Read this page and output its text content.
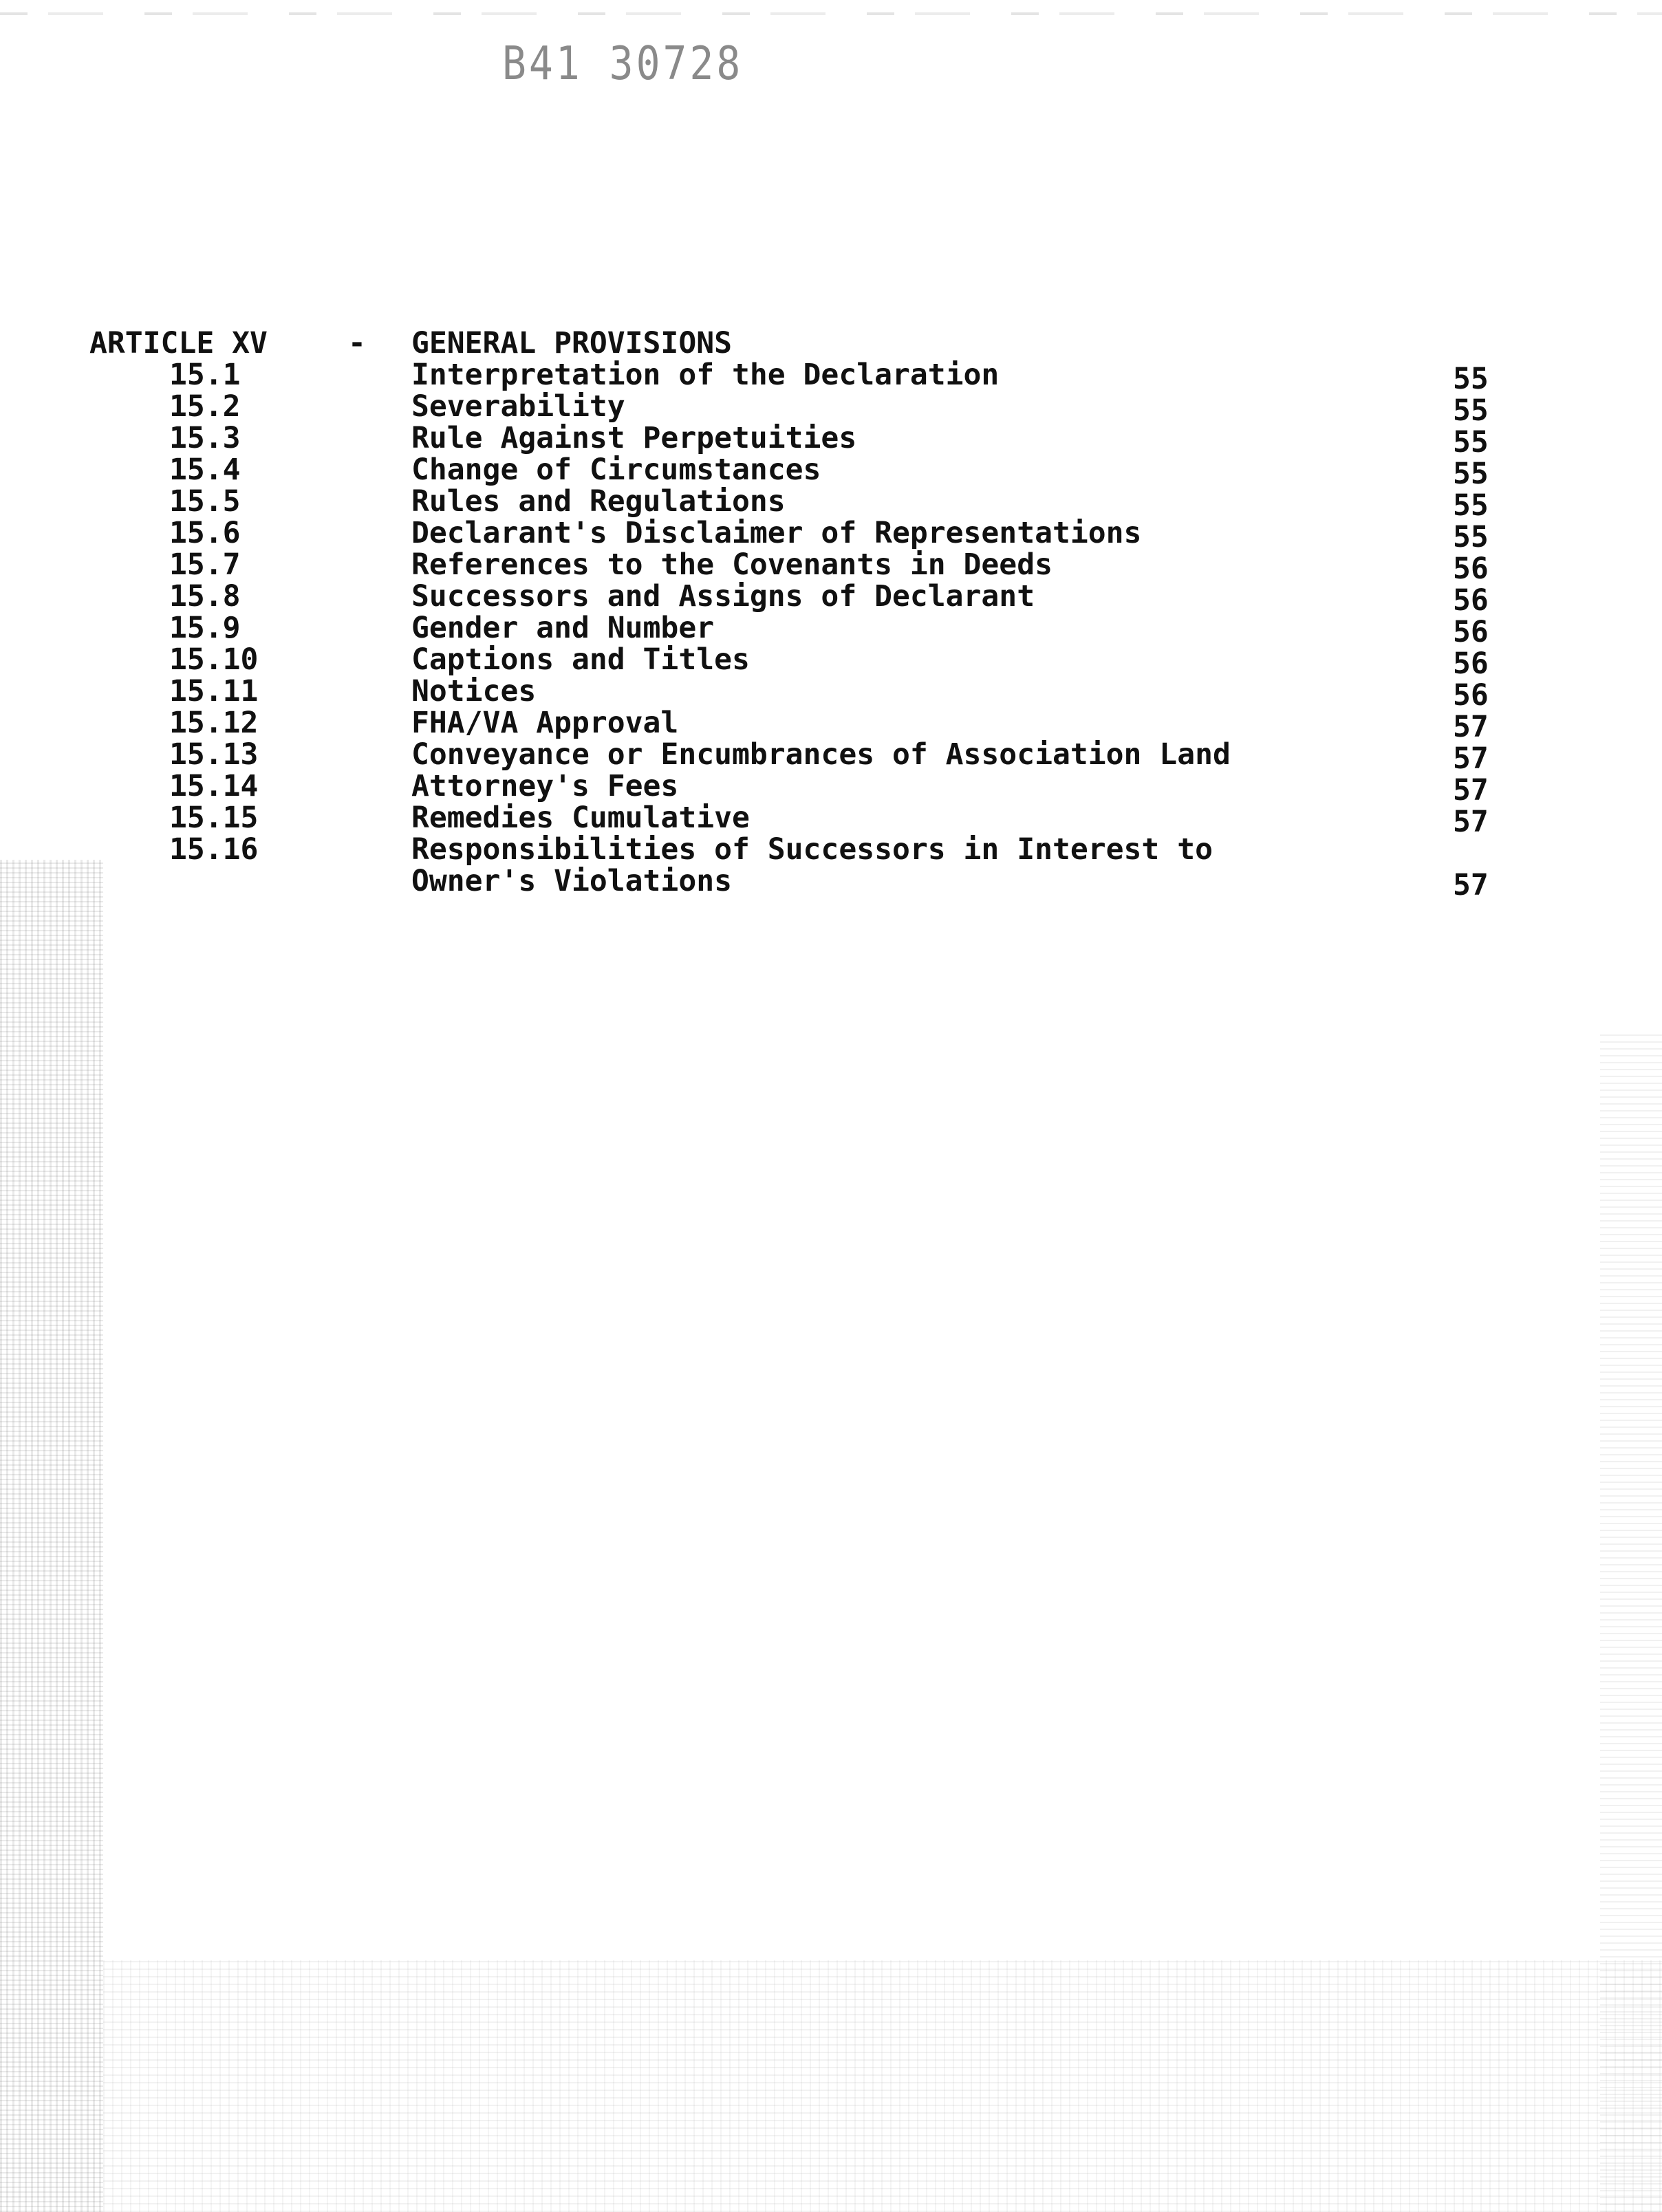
B41 30728
ARTICLE XV	- GENERAL PROVISIONS
15.1	Interpretation of the Declaration	55
15.2	Severability	55
15.3	Rule Against Perpetuities	55
15.4	Change of Circumstances	55
15.5	Rules and Regulations	55
15.6	Declarant's Disclaimer of Representations	55
15.7	References to the Covenants in Deeds	56
15.8	Successors and Assigns of Declarant	56
15.9	Gender and Number	56
15.10	Captions and Titles	56
15.11	Notices	56
15.12	FHA/VA Approval	57
15.13	Conveyance or Encumbrances of Association Land	57
15.14	Attorney's Fees	57
15.15	Remedies Cumulative	57
15.16	Responsibilities of Successors in Interest to
Owner's Violations	57
